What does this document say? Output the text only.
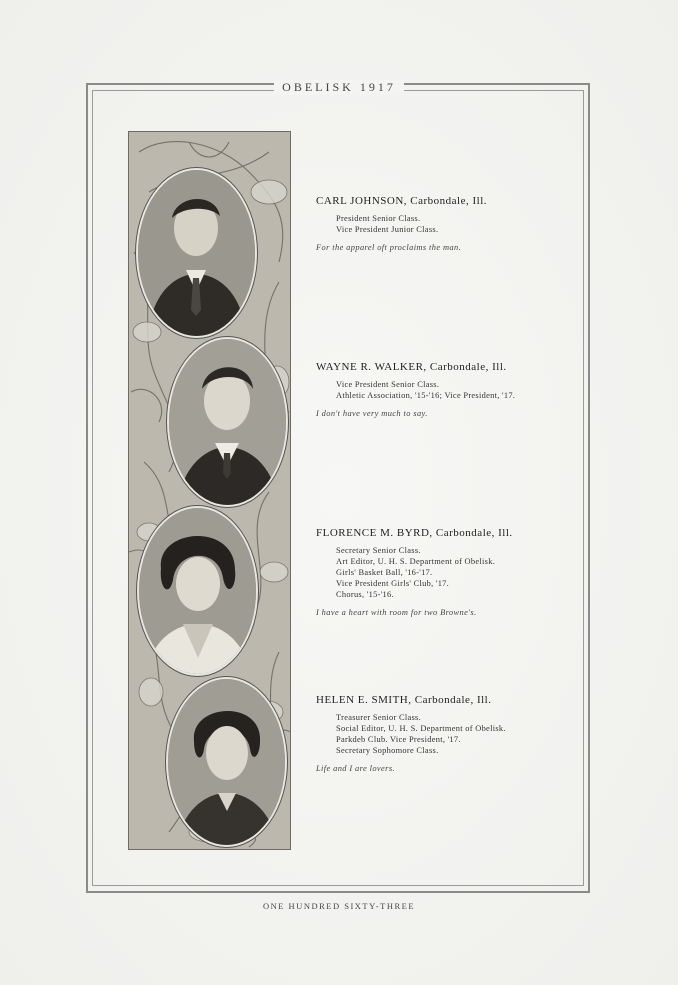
OBELISK 1917
CARL JOHNSON, Carbondale, Ill.
President Senior Class.
Vice President Junior Class.
For the apparel oft proclaims the man.
WAYNE R. WALKER, Carbondale, Ill.
Vice President Senior Class.
Athletic Association, '15-'16; Vice President, '17.
I don't have very much to say.
FLORENCE M. BYRD, Carbondale, Ill.
Secretary Senior Class.
Art Editor, U. H. S. Department of Obelisk.
Girls' Basket Ball, '16-'17.
Vice President Girls' Club, '17.
Chorus, '15-'16.
I have a heart with room for two Browne's.
HELEN E. SMITH, Carbondale, Ill.
Treasurer Senior Class.
Social Editor, U. H. S. Department of Obelisk.
Parkdeb Club. Vice President, '17.
Secretary Sophomore Class.
Life and I are lovers.
ONE HUNDRED SIXTY-THREE
